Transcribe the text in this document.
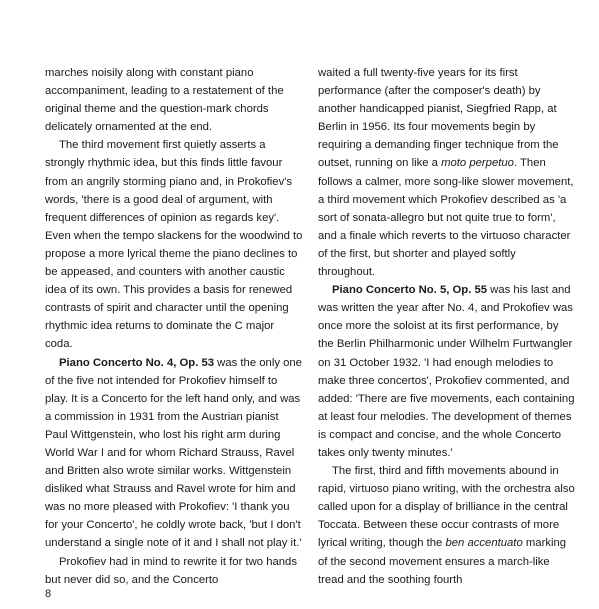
marches noisily along with constant piano accompaniment, leading to a restatement of the original theme and the question-mark chords delicately ornamented at the end.

The third movement first quietly asserts a strongly rhythmic idea, but this finds little favour from an angrily storming piano and, in Prokofiev's words, 'there is a good deal of argument, with frequent differences of opinion as regards key'. Even when the tempo slackens for the woodwind to propose a more lyrical theme the piano declines to be appeased, and counters with another caustic idea of its own. This provides a basis for renewed contrasts of spirit and character until the opening rhythmic idea returns to dominate the C major coda.

Piano Concerto No. 4, Op. 53 was the only one of the five not intended for Prokofiev himself to play. It is a Concerto for the left hand only, and was a commission in 1931 from the Austrian pianist Paul Wittgenstein, who lost his right arm during World War I and for whom Richard Strauss, Ravel and Britten also wrote similar works. Wittgenstein disliked what Strauss and Ravel wrote for him and was no more pleased with Prokofiev: 'I thank you for your Concerto', he coldly wrote back, 'but I don't understand a single note of it and I shall not play it.'

Prokofiev had in mind to rewrite it for two hands but never did so, and the Concerto

waited a full twenty-five years for its first performance (after the composer's death) by another handicapped pianist, Siegfried Rapp, at Berlin in 1956. Its four movements begin by requiring a demanding finger technique from the outset, running on like a moto perpetuo. Then follows a calmer, more song-like slower movement, a third movement which Prokofiev described as 'a sort of sonata-allegro but not quite true to form', and a finale which reverts to the virtuoso character of the first, but shorter and played softly throughout.

Piano Concerto No. 5, Op. 55 was his last and was written the year after No. 4, and Prokofiev was once more the soloist at its first performance, by the Berlin Philharmonic under Wilhelm Furtwangler on 31 October 1932. 'I had enough melodies to make three concertos', Prokofiev commented, and added: 'There are five movements, each containing at least four melodies. The development of themes is compact and concise, and the whole Concerto takes only twenty minutes.'

The first, third and fifth movements abound in rapid, virtuoso piano writing, with the orchestra also called upon for a display of brilliance in the central Toccata. Between these occur contrasts of more lyrical writing, though the ben accentuato marking of the second movement ensures a march-like tread and the soothing fourth

8
